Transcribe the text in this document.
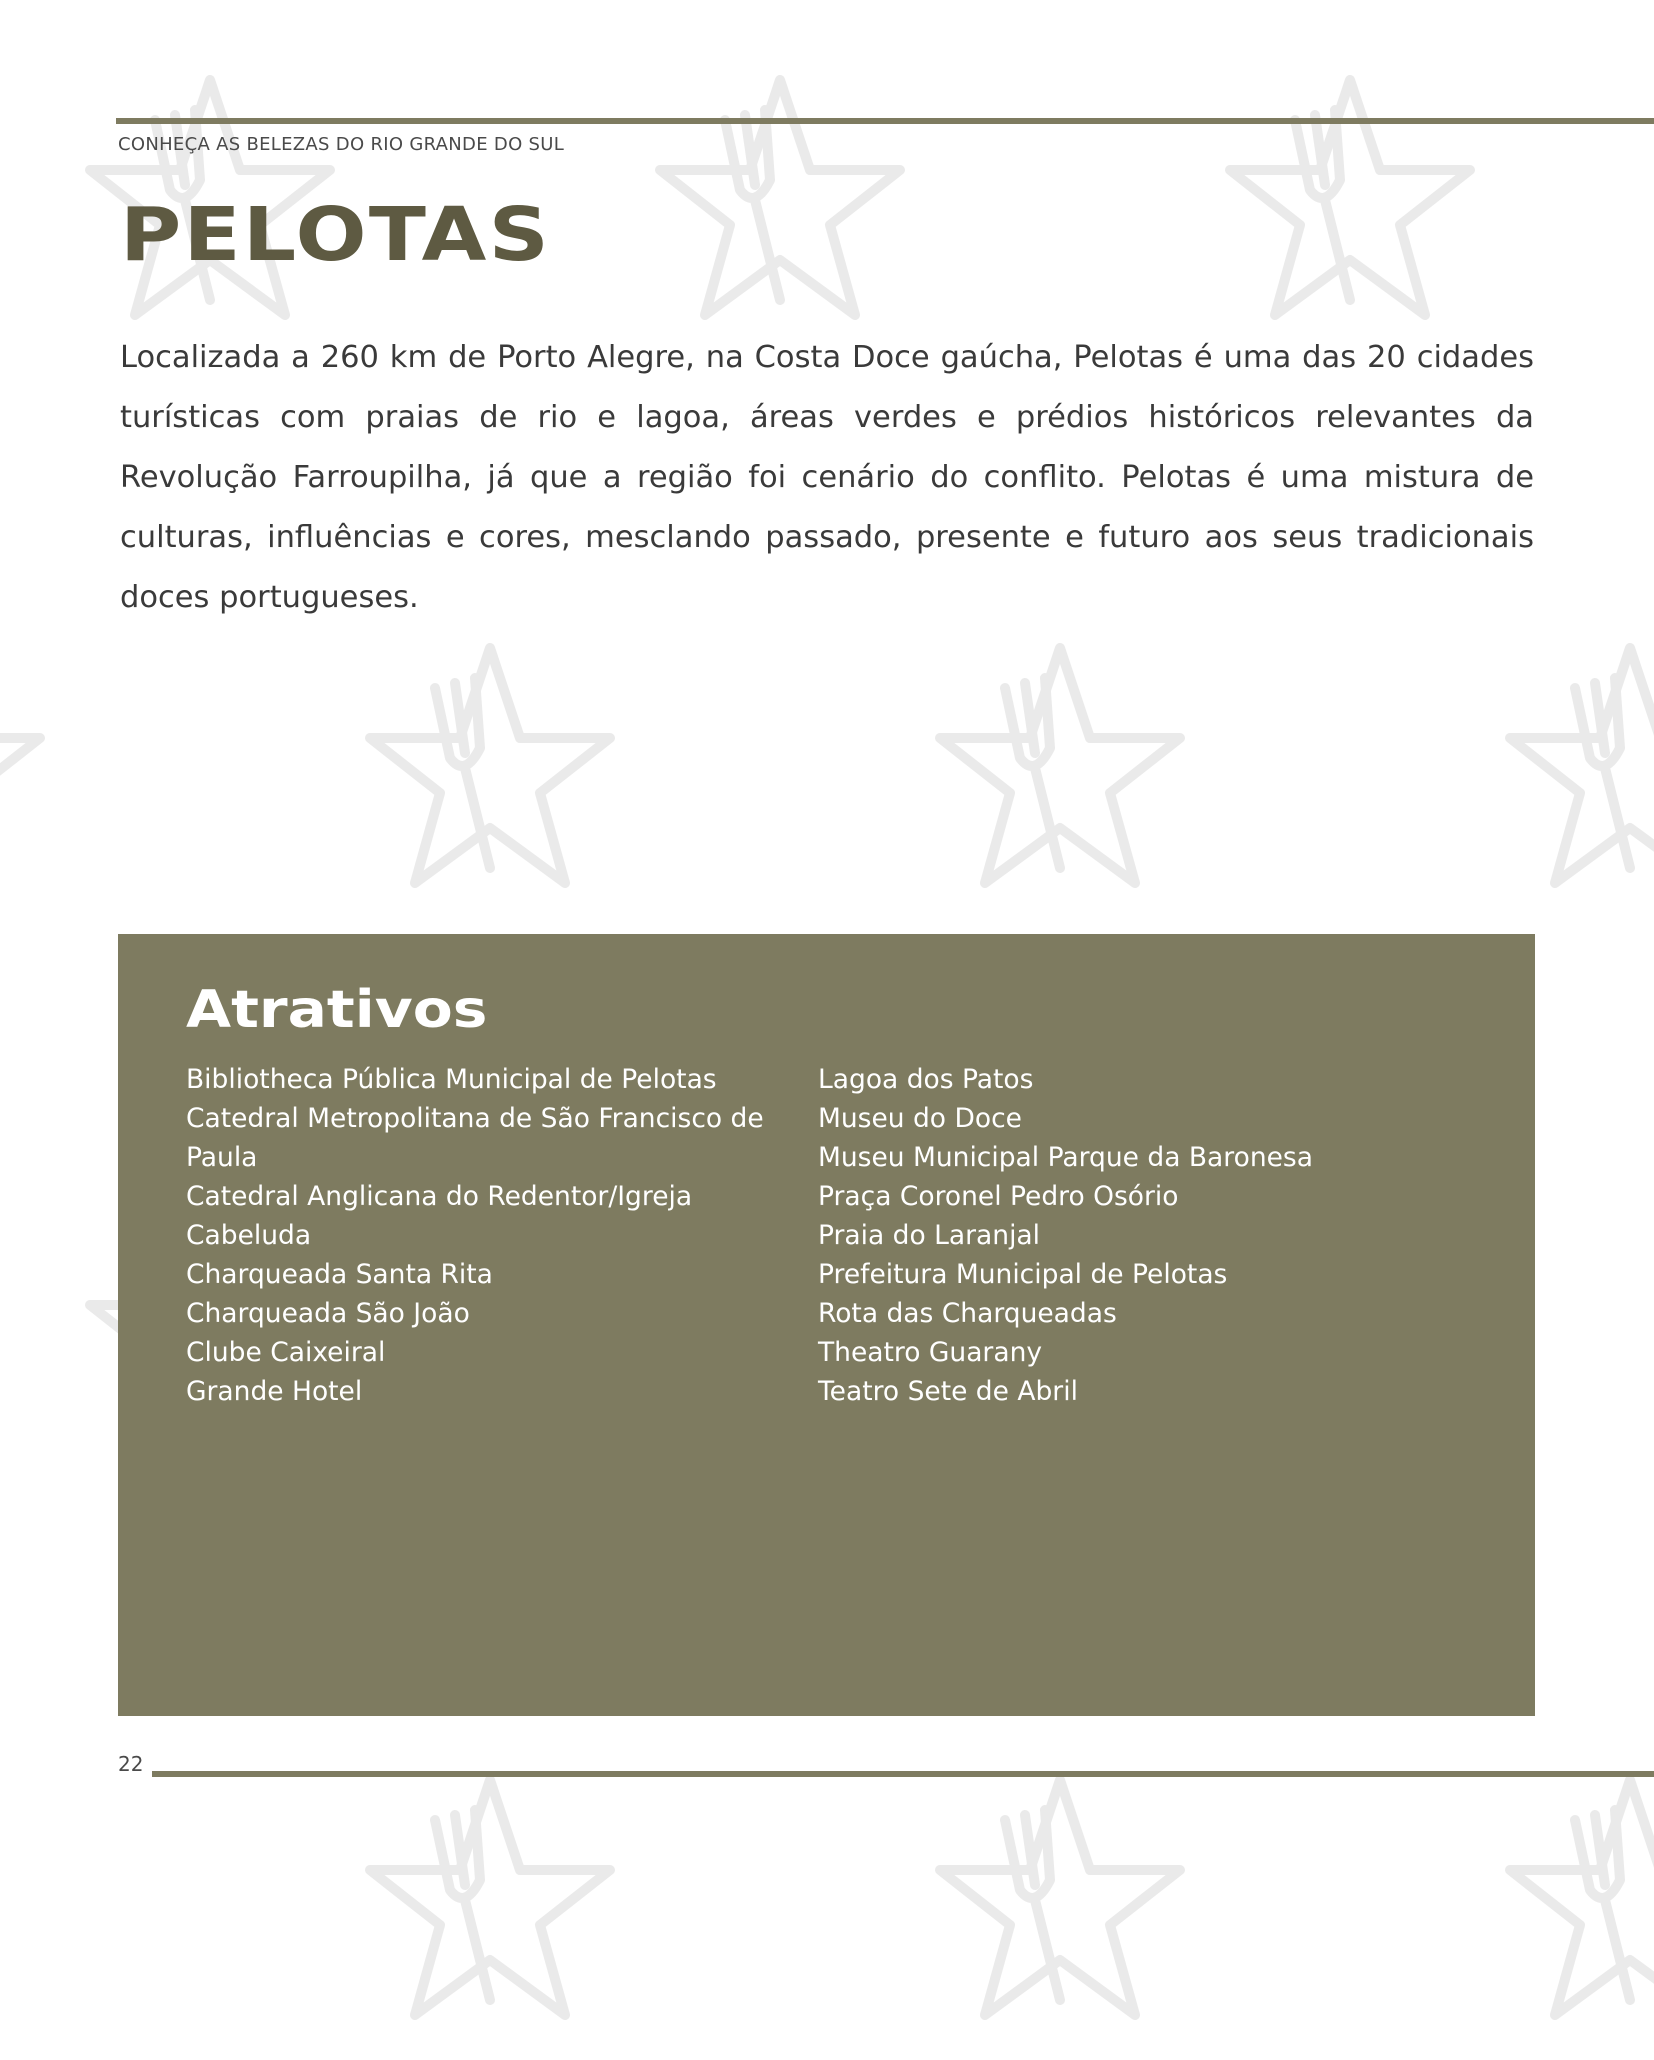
CONHEÇA AS BELEZAS DO RIO GRANDE DO SUL
PELOTAS

Localizada a 260 km de Porto Alegre, na Costa Doce gaúcha, Pelotas é uma das 20 cidades turísticas com praias de rio e lagoa, áreas verdes e prédios históricos relevantes da Revolução Farroupilha, já que a região foi cenário do conflito. Pelotas é uma mistura de culturas, influências e cores, mesclando passado, presente e futuro aos seus tradicionais doces portugueses.

Atrativos
Bibliotheca Pública Municipal de Pelotas
Catedral Metropolitana de São Francisco de Paula
Catedral Anglicana do Redentor/Igreja Cabeluda
Charqueada Santa Rita
Charqueada São João
Clube Caixeiral
Grande Hotel
Lagoa dos Patos
Museu do Doce
Museu Municipal Parque da Baronesa
Praça Coronel Pedro Osório
Praia do Laranjal
Prefeitura Municipal de Pelotas
Rota das Charqueadas
Theatro Guarany
Teatro Sete de Abril
22
